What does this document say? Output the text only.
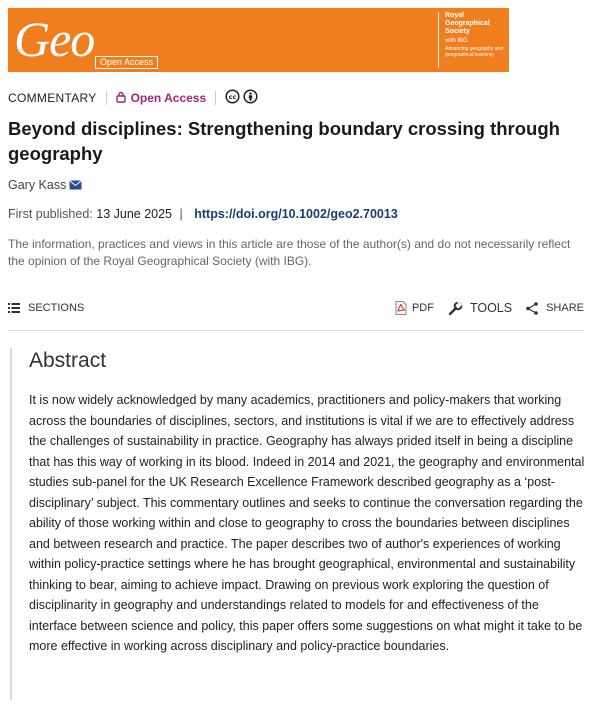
Geo Open Access
Royal
Geographical
Society
with IBG
Advancing geography and geographical learning
COMMENTARY	Open Access	cc
Beyond disciplines: Strengthening boundary crossing through geography
Gary Kass
First published: 13 June 2025 | https://doi.org/10.1002/geo2.70013
The information, practices and views in this article are those of the author(s) and do not necessarily reflect the opinion of the Royal Geographical Society (with IBG).
SECTIONS	PDF	TOOLS	SHARE
Abstract
It is now widely acknowledged by many academics, practitioners and policy-makers that working across the boundaries of disciplines, sectors, and institutions is vital if we are to effectively address the challenges of sustainability in practice. Geography has always prided itself in being a discipline that has this way of working in its blood. Indeed in 2014 and 2021, the geography and environmental studies sub-panel for the UK Research Excellence Framework described geography as a ‘post-disciplinary’ subject. This commentary outlines and seeks to continue the conversation regarding the ability of those working within and close to geography to cross the boundaries between disciplines and between research and practice. The paper describes two of author's experiences of working within policy-practice settings where he has brought geographical, environmental and sustainability thinking to bear, aiming to achieve impact. Drawing on previous work exploring the question of disciplinarity in geography and understandings related to models for and effectiveness of the interface between science and policy, this paper offers some suggestions on what might it take to be more effective in working across disciplinary and policy-practice boundaries.
